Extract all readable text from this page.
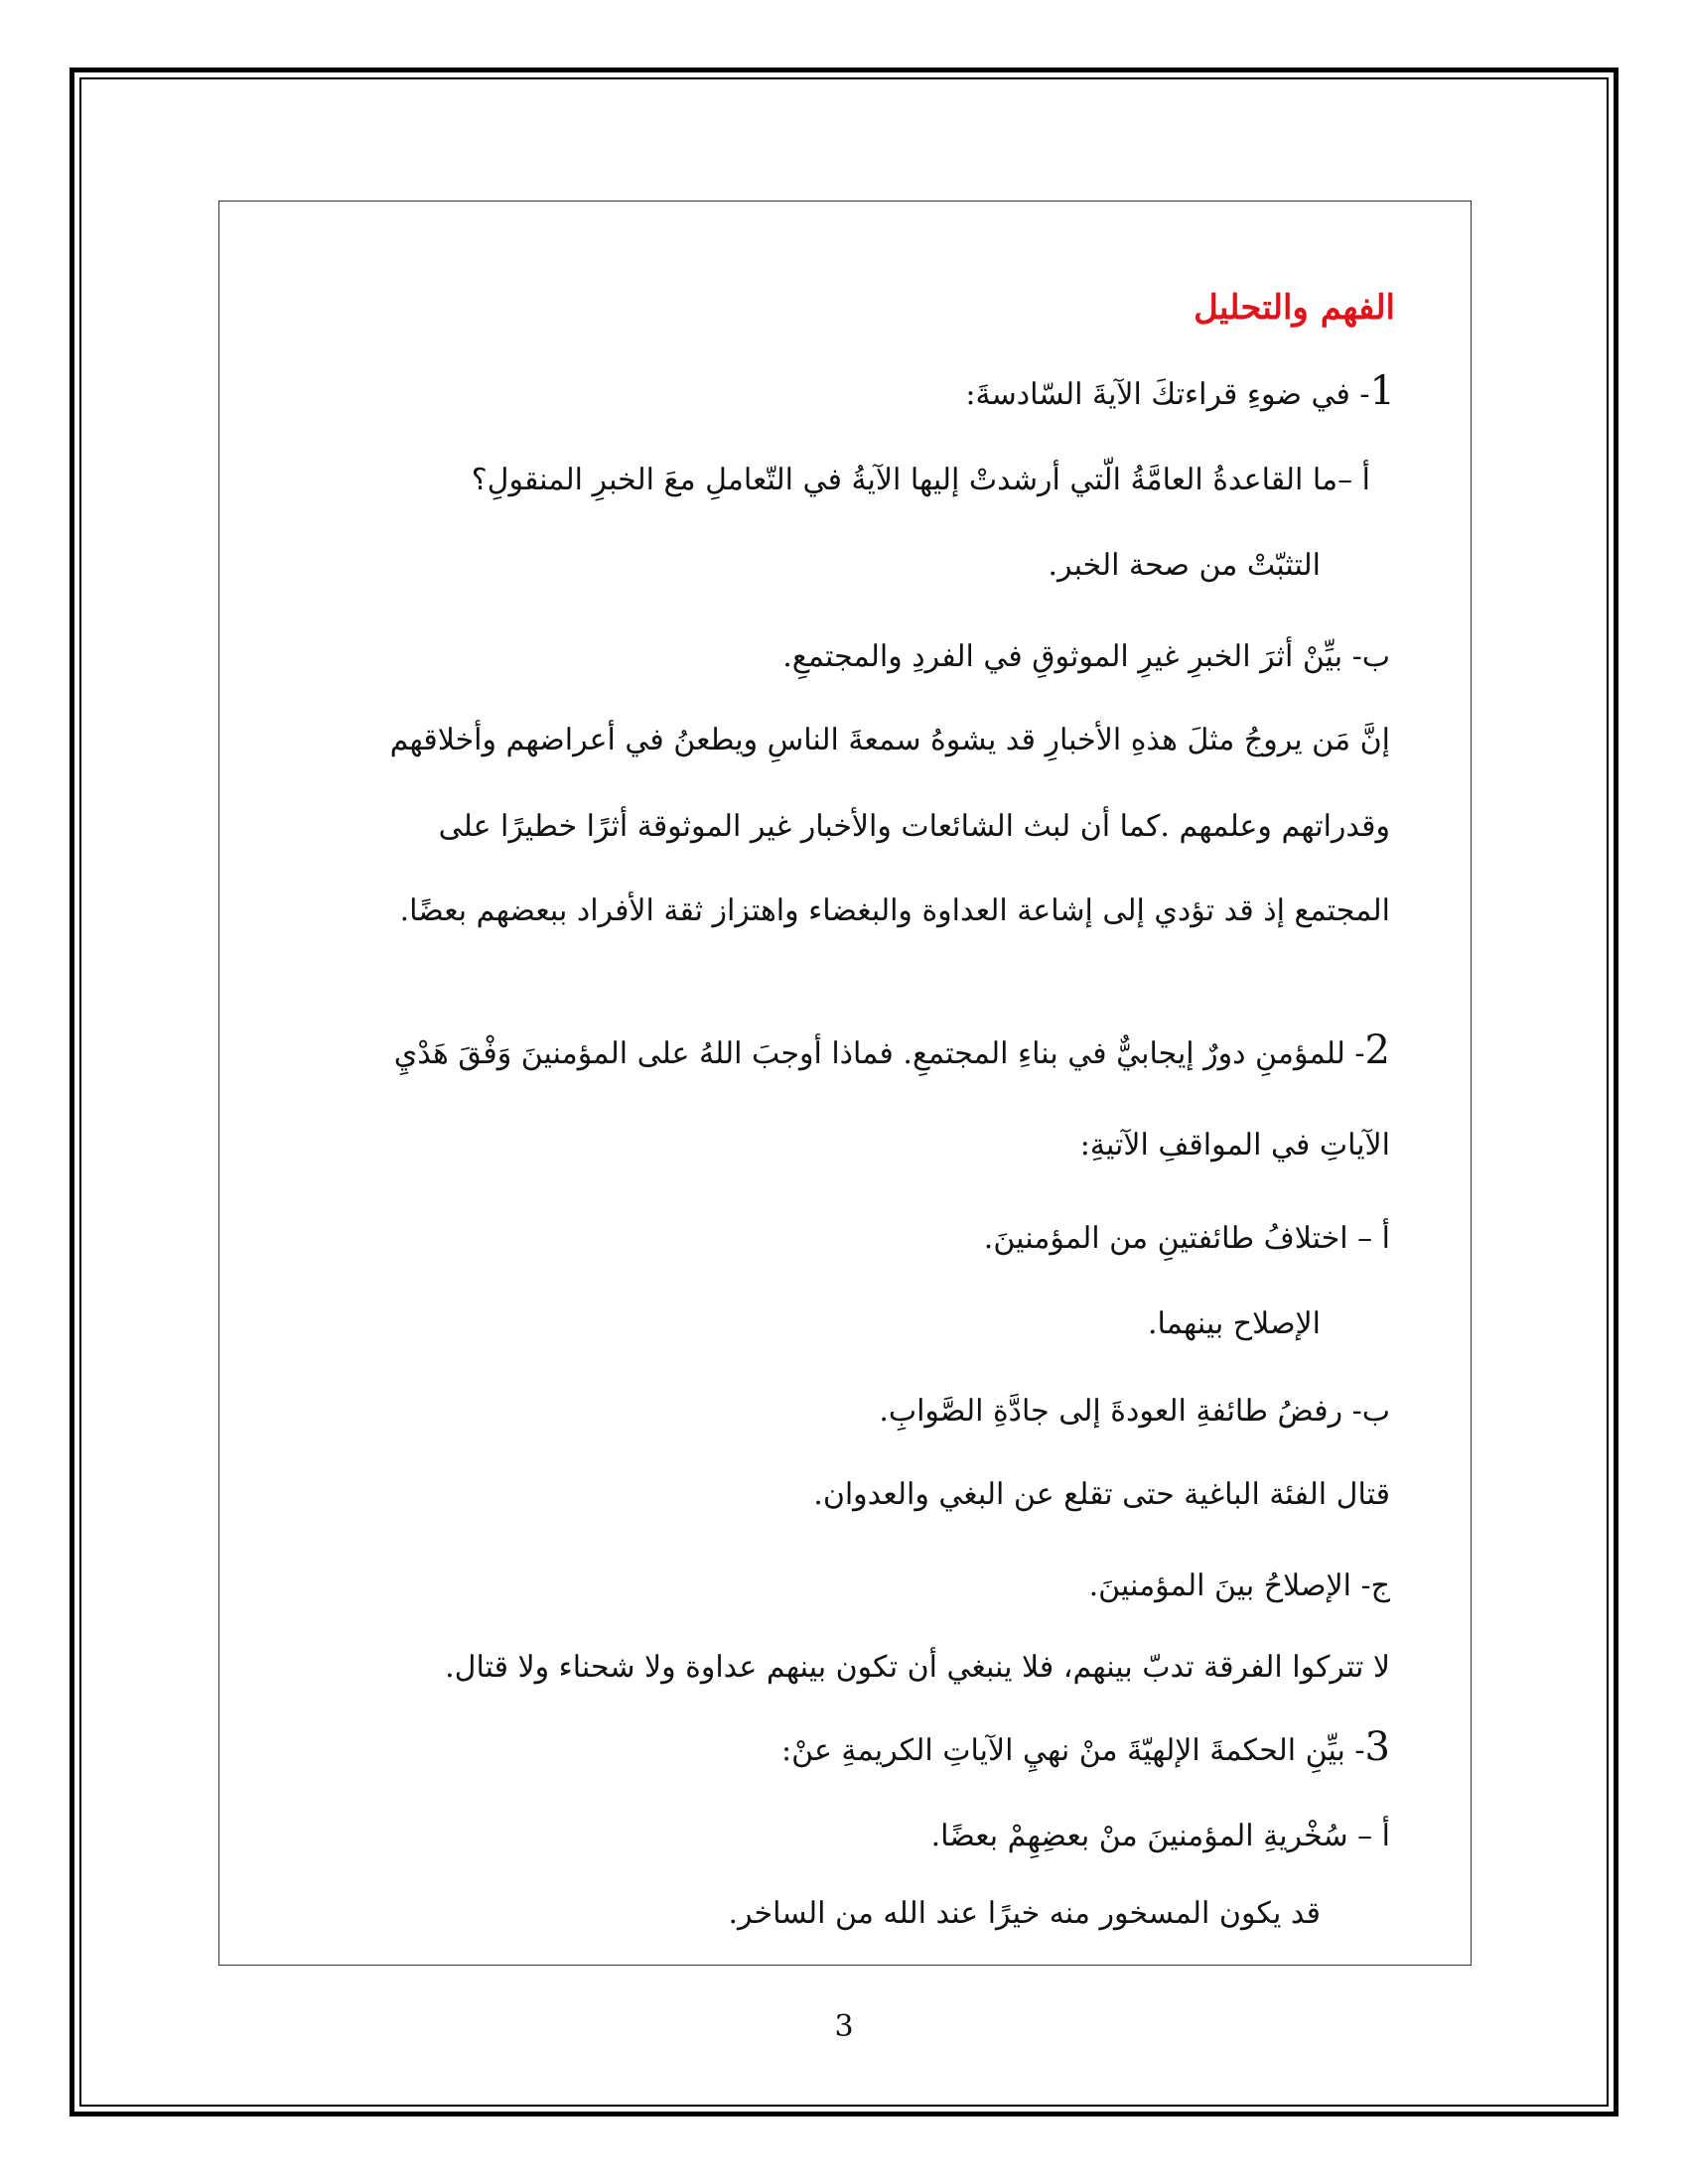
الفهم والتحليل
1- في ضوءِ قراءتكَ الآيةَ السّادسةَ:
أ –ما القاعدةُ العامَّةُ الّتي أرشدتْ إليها الآيةُ في التّعاملِ معَ الخبرِ المنقولِ؟
التثبّتْ من صحة الخبر.
ب- بيِّنْ أثرَ الخبرِ غيرِ الموثوقِ في الفردِ والمجتمعِ.
إنَّ مَن يروجُ مثلَ هذهِ الأخبارِ قد يشوهُ سمعةَ الناسِ ويطعنُ في أعراضهم وأخلاقهم
وقدراتهم وعلمهم .كما أن لبث الشائعات والأخبار غير الموثوقة أثرًا خطيرًا على
المجتمع إذ قد تؤدي إلى إشاعة العداوة والبغضاء واهتزاز ثقة الأفراد ببعضهم بعضًا.
2- للمؤمنِ دورٌ إيجابيٌّ في بناءِ المجتمعِ. فماذا أوجبَ اللهُ على المؤمنينَ وَفْقَ هَدْيِ
الآياتِ في المواقفِ الآتيةِ:
أ – اختلافُ طائفتينِ من المؤمنينَ.
الإصلاح بينهما.
ب- رفضُ طائفةِ العودةَ إلى جادَّةِ الصَّوابِ.
قتال الفئة الباغية حتى تقلع عن البغي والعدوان.
ج- الإصلاحُ بينَ المؤمنينَ.
لا تتركوا الفرقة تدبّ بينهم، فلا ينبغي أن تكون بينهم عداوة ولا شحناء ولا قتال.
3- بيِّنِ الحكمةَ الإلهيّةَ منْ نهيِ الآياتِ الكريمةِ عنْ:
أ – سُخْريةِ المؤمنينَ منْ بعضِهِمْ بعضًا.
قد يكون المسخور منه خيرًا عند الله من الساخر.
3
